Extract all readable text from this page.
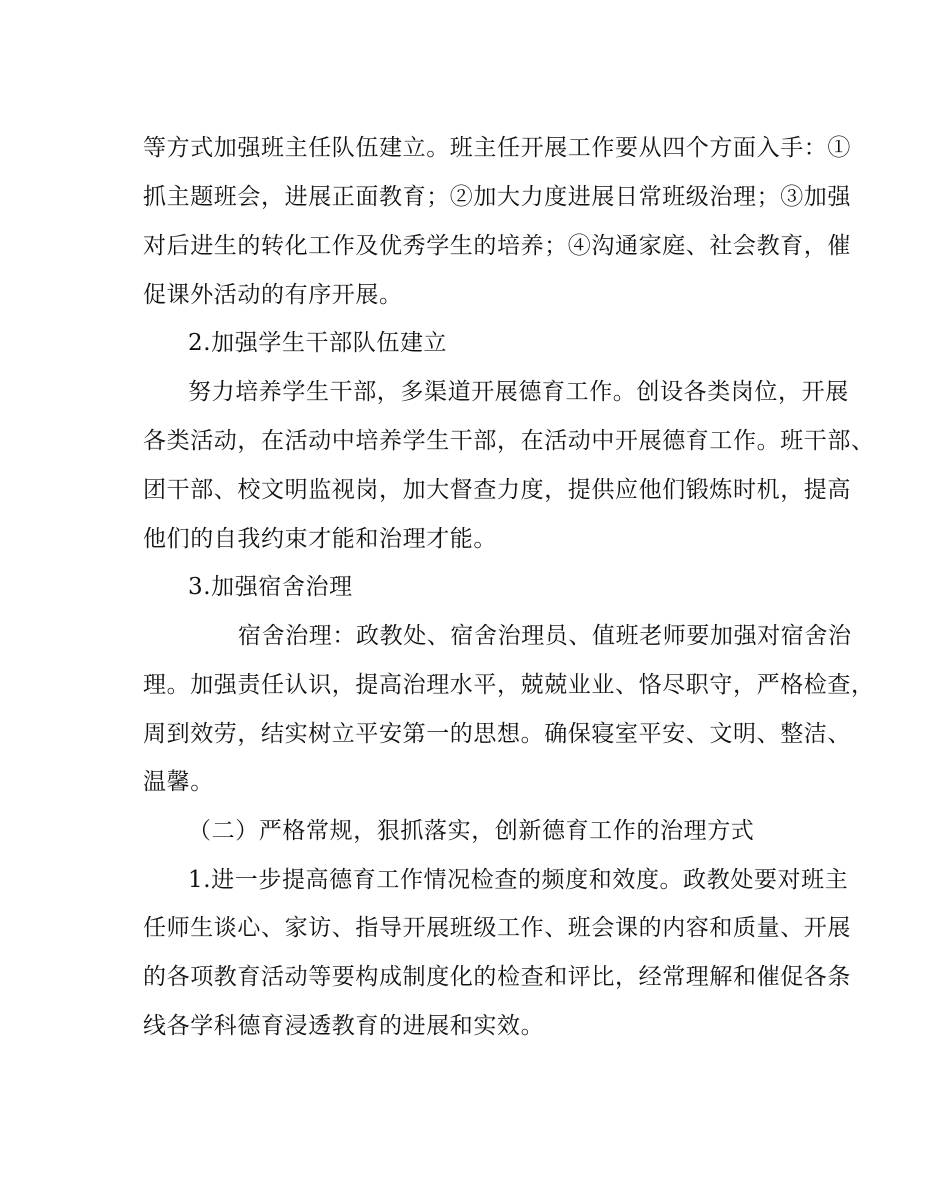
等方式加强班主任队伍建立。班主任开展工作要从四个方面入手：①
抓主题班会，进展正面教育；②加大力度进展日常班级治理；③加强
对后进生的转化工作及优秀学生的培养；④沟通家庭、社会教育，催
促课外活动的有序开展。
2.加强学生干部队伍建立
努力培养学生干部，多渠道开展德育工作。创设各类岗位，开展
各类活动，在活动中培养学生干部，在活动中开展德育工作。班干部、
团干部、校文明监视岗，加大督查力度，提供应他们锻炼时机，提高
他们的自我约束才能和治理才能。
3.加强宿舍治理
宿舍治理：政教处、宿舍治理员、值班老师要加强对宿舍治
理。加强责任认识，提高治理水平，兢兢业业、恪尽职守，严格检查，
周到效劳，结实树立平安第一的思想。确保寝室平安、文明、整洁、
温馨。
（二）严格常规，狠抓落实，创新德育工作的治理方式
1.进一步提高德育工作情况检查的频度和效度。政教处要对班主
任师生谈心、家访、指导开展班级工作、班会课的内容和质量、开展
的各项教育活动等要构成制度化的检查和评比，经常理解和催促各条
线各学科德育浸透教育的进展和实效。
